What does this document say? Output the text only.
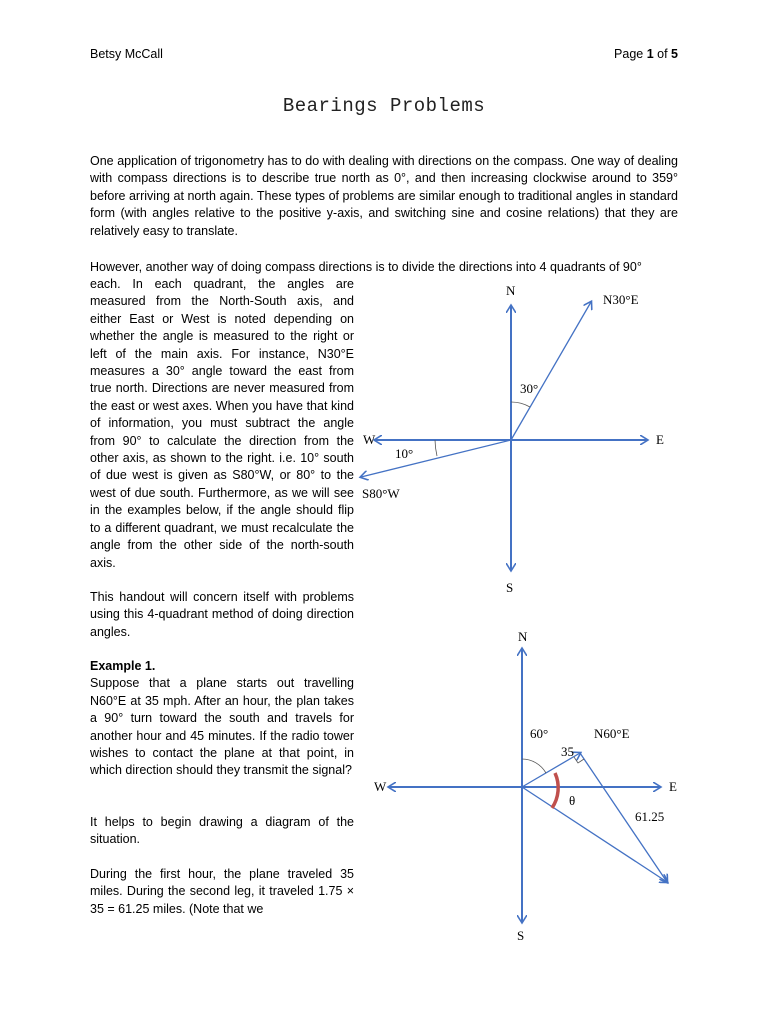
Betsy McCall	Page 1 of 5
Bearings Problems

One application of trigonometry has to do with dealing with directions on the compass. One way of dealing with compass directions is to describe true north as 0°, and then increasing clockwise around to 359° before arriving at north again. These types of problems are similar enough to traditional angles in standard form (with angles relative to the positive y-axis, and switching sine and cosine relations) that they are relatively easy to translate.

However, another way of doing compass directions is to divide the directions into 4 quadrants of 90°

each. In each quadrant, the angles are measured from the North-South axis, and either East or West is noted depending on whether the angle is measured to the right or left of the main axis. For instance, N30°E measures a 30° angle toward the east from true north. Directions are never measured from the east or west axes. When you have that kind of information, you must subtract the angle from 90° to calculate the direction from the other axis, as shown to the right. i.e. 10° south of due west is given as S80°W, or 80° to the west of due south. Furthermore, as we will see in the examples below, if the angle should flip to a different quadrant, we must recalculate the angle from the other side of the north-south axis.

This handout will concern itself with problems using this 4-quadrant method of doing direction angles.

Example 1.
Suppose that a plane starts out travelling N60°E at 35 mph. After an hour, the plan takes a 90° turn toward the south and travels for another hour and 45 minutes. If the radio tower wishes to contact the plane at that point, in which direction should they transmit the signal?

It helps to begin drawing a diagram of the situation.

During the first hour, the plane traveled 35 miles. During the second leg, it traveled 1.75 × 35 = 61.25 miles. (Note that we

N
S
E
W
N30°E
S80°W
30°
10°
N
S
E
W
N60°E
60°
35
61.25
θ
